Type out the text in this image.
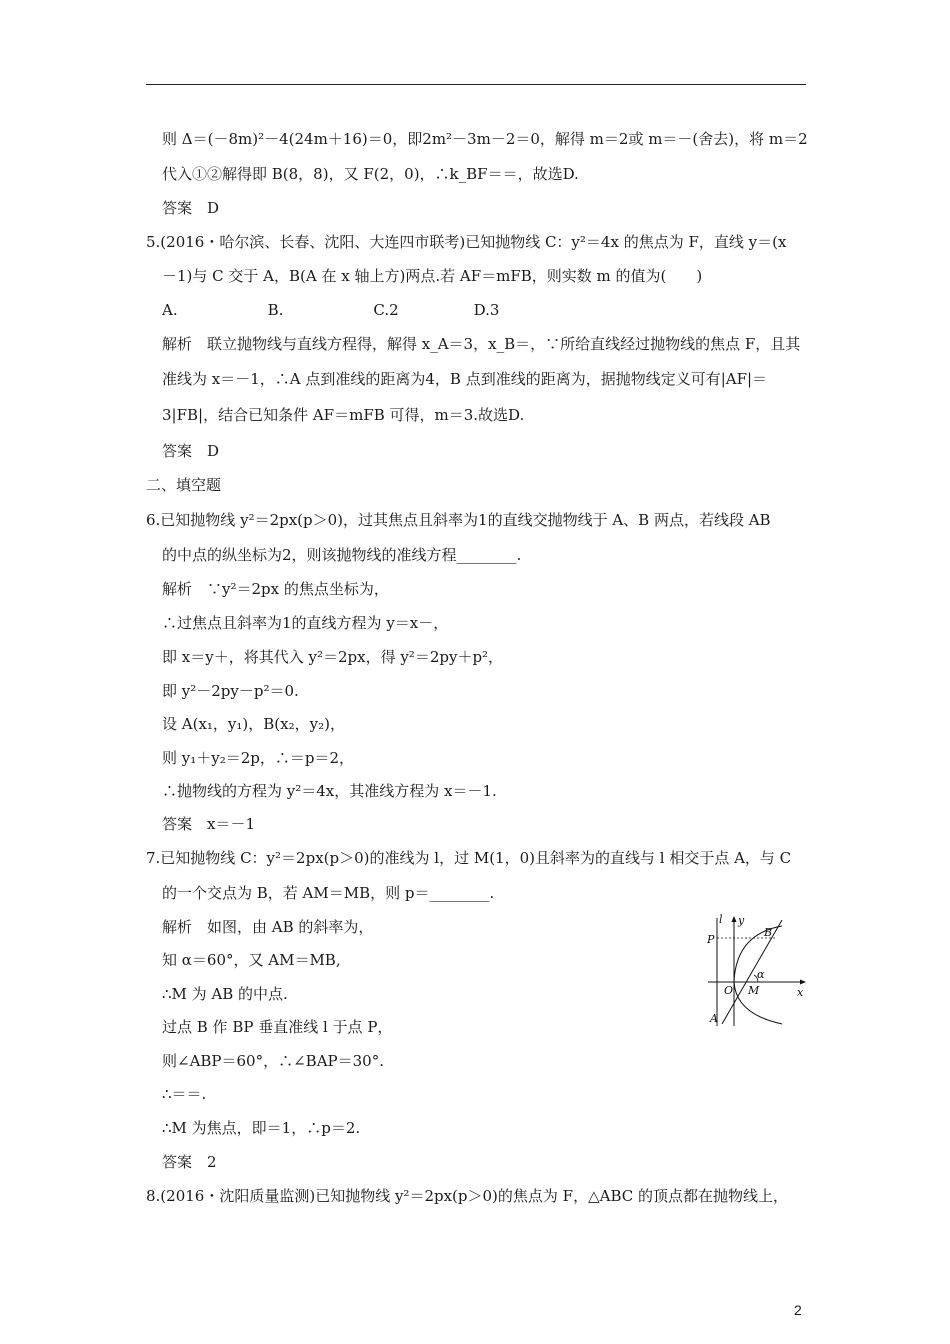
则 Δ＝(－8m)²－4(24m＋16)＝0，即2m²－3m－2＝0，解得 m＝2或 m＝－(舍去)，将 m＝2
代入①②解得即 B(8，8)，又 F(2，0)，∴k_BF＝＝，故选D.
答案　D
5.(2016・哈尔滨、长春、沈阳、大连四市联考)已知抛物线 C：y²＝4x 的焦点为 F，直线 y＝(x
－1)与 C 交于 A，B(A 在 x 轴上方)两点.若 AF＝mFB，则实数 m 的值为(　　)
A.　　　　　　B.　　　　　　C.2　　　　　D.3
解析　联立抛物线与直线方程得，解得 x_A＝3，x_B＝，∵所给直线经过抛物线的焦点 F，且其
准线为 x＝－1，∴A 点到准线的距离为4，B 点到准线的距离为，据抛物线定义可有|AF|＝
3|FB|，结合已知条件 AF＝mFB 可得，m＝3.故选D.
答案　D
二、填空题
6.已知抛物线 y²＝2px(p＞0)，过其焦点且斜率为1的直线交抛物线于 A、B 两点，若线段 AB
的中点的纵坐标为2，则该抛物线的准线方程________.
解析　∵y²＝2px 的焦点坐标为，
∴过焦点且斜率为1的直线方程为 y＝x－，
即 x＝y＋，将其代入 y²＝2px，得 y²＝2py＋p²，
即 y²－2py－p²＝0.
设 A(x₁，y₁)，B(x₂，y₂)，
则 y₁＋y₂＝2p，∴＝p＝2，
∴抛物线的方程为 y²＝4x，其准线方程为 x＝－1.
答案　x＝－1
7.已知抛物线 C：y²＝2px(p＞0)的准线为 l，过 M(1，0)且斜率为的直线与 l 相交于点 A，与 C
的一个交点为 B，若 AM＝MB，则 p＝________.
解析　如图，由 AB 的斜率为，
知 α＝60°，又 AM＝MB,
∴M 为 AB 的中点.
过点 B 作 BP 垂直准线 l 于点 P，
则∠ABP＝60°，∴∠BAP＝30°.
∴＝＝.
∴M 为焦点，即＝1，∴p＝2.
答案　2
8.(2016・沈阳质量监测)已知抛物线 y²＝2px(p＞0)的焦点为 F，△ABC 的顶点都在抛物线上，
l y
x
P
B
O M
α
A
2
